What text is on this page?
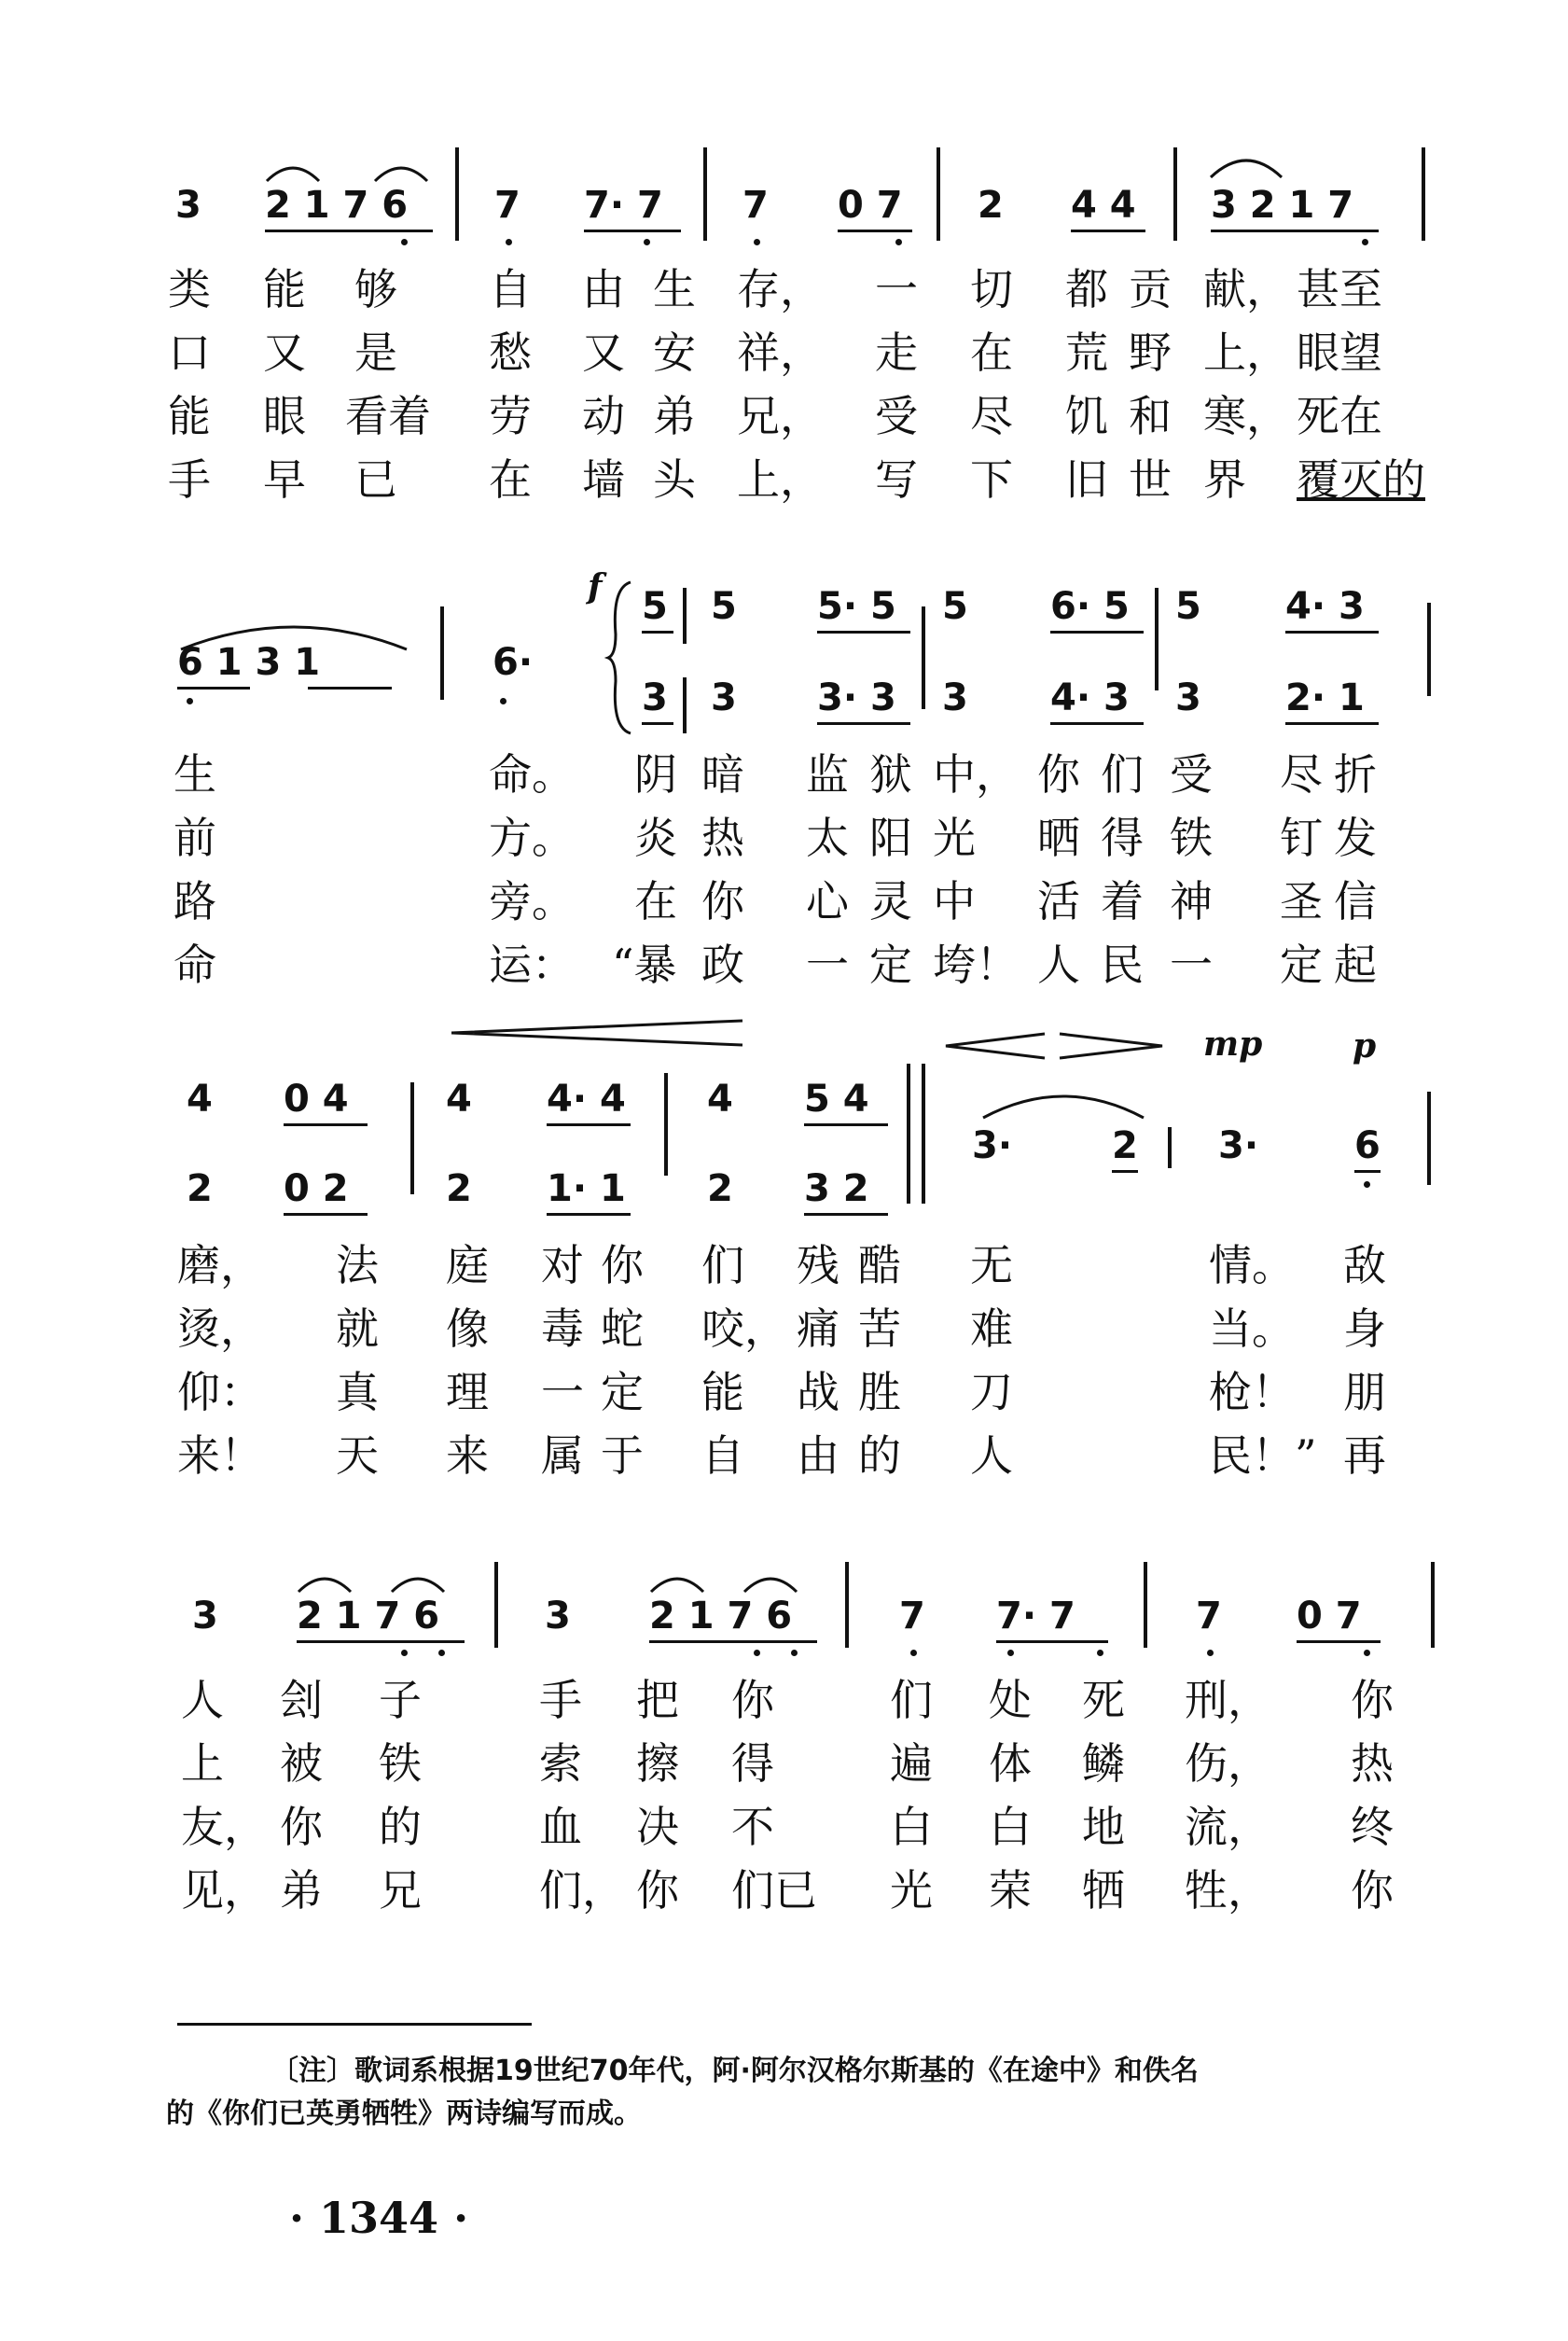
3 2 1 7 6 7 7· 7 7 0 7 2 4 4 3 2 1 7
类 能 够 自 由 生 存， 一 切 都 贡 献， 甚至
口 又 是 愁 又 安 祥， 走 在 荒 野 上， 眼望
能 眼 看着 劳 动 弟 兄， 受 尽 饥 和 寒， 死在
手 早 已 在 墙 头 上， 写 下 旧 世 界 覆灭的
f
6 1 3 1	6·
5 5 5· 5 5 6· 5 5 4· 3
3 3 3· 3 3 4· 3 3 2· 1
生	命。 阴 暗 监 狱 中， 你 们 受 尽 折
前	方。 炎 热 太 阳 光 晒 得 铁 钉 发
路	旁。 在 你 心 灵 中 活 着 神 圣 信
命	运： “暴 政 一 定 垮！ 人 民 一 定 起
mp	p
4 0 4	4 4· 4 4 5 4
2 0 2	2 1· 1 2 3 2
3·	2 3·	6
磨， 法 庭 对 你 们 残 酷 无	情。 敌
烫， 就 像 毒 蛇 咬， 痛 苦 难	当。 身
仰： 真 理 一 定 能 战 胜 刀	枪！ 朋
来！ 天 来 属 于 自 由 的 人	民！” 再
3 2 1 7 6	3 2 1 7 6	7 7· 7	7 0 7
人 刽 子	手 把 你	们 处 死 刑， 你
上 被 铁	索 擦 得	遍 体 鳞 伤， 热
友， 你 的	血 决 不	白 白 地 流， 终
见， 弟 兄	们， 你 们已 光 荣 牺 牲， 你
〔注〕歌词系根据19世纪70年代，阿·阿尔汉格尔斯基的《在途中》和佚名
的《你们已英勇牺牲》两诗编写而成。
· 1344 ·
